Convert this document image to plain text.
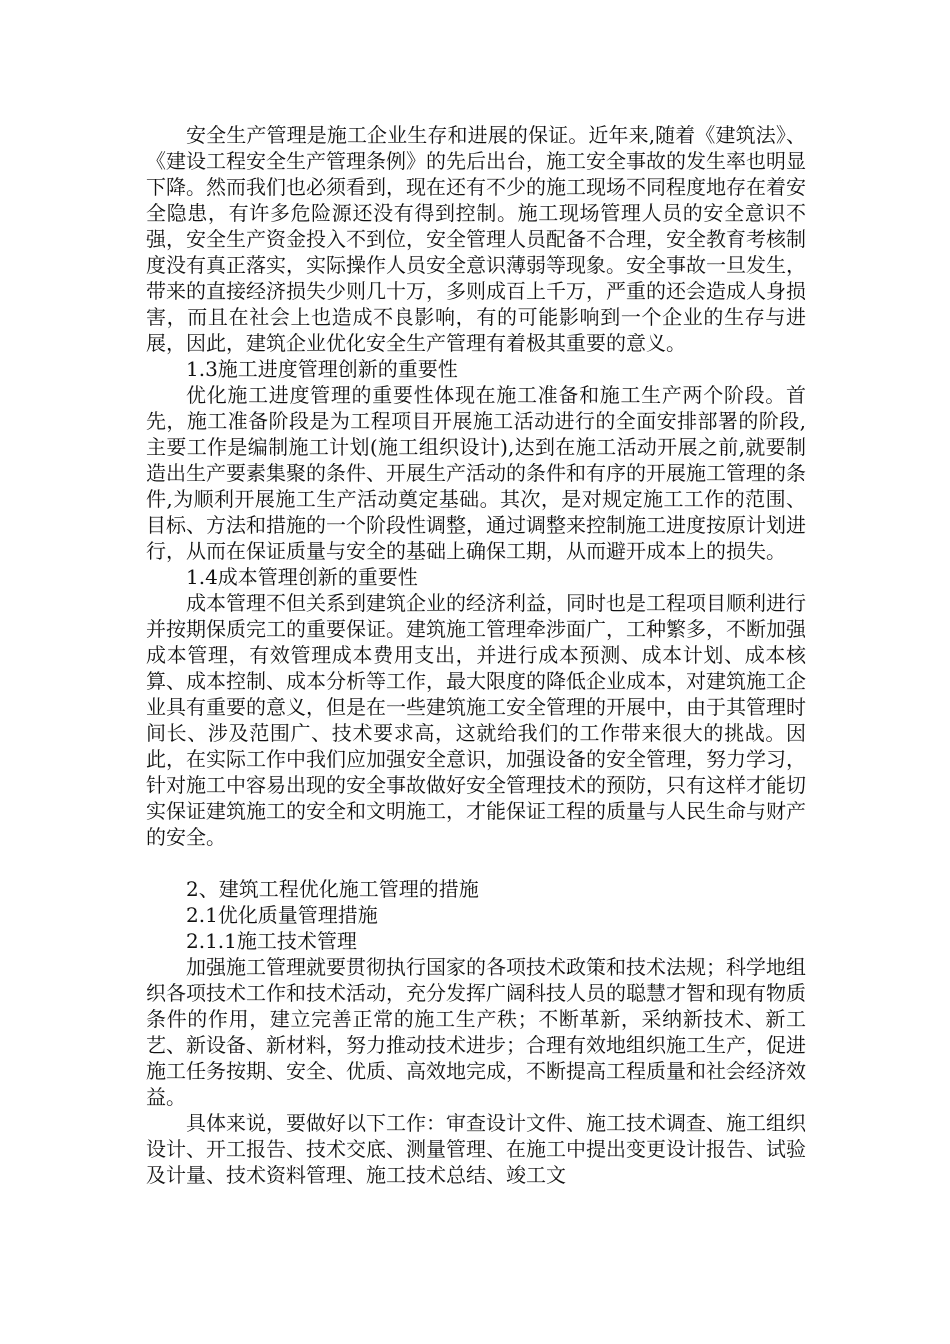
安全生产管理是施工企业生存和进展的保证。近年来,随着《建筑法》、《建设工程安全生产管理条例》的先后出台，施工安全事故的发生率也明显下降。然而我们也必须看到，现在还有不少的施工现场不同程度地存在着安全隐患，有许多危险源还没有得到控制。施工现场管理人员的安全意识不强，安全生产资金投入不到位，安全管理人员配备不合理，安全教育考核制度没有真正落实，实际操作人员安全意识薄弱等现象。安全事故一旦发生，带来的直接经济损失少则几十万，多则成百上千万，严重的还会造成人身损害，而且在社会上也造成不良影响，有的可能影响到一个企业的生存与进展，因此，建筑企业优化安全生产管理有着极其重要的意义。

1.3施工进度管理创新的重要性

优化施工进度管理的重要性体现在施工准备和施工生产两个阶段。首先，施工准备阶段是为工程项目开展施工活动进行的全面安排部署的阶段,主要工作是编制施工计划(施工组织设计),达到在施工活动开展之前,就要制造出生产要素集聚的条件、开展生产活动的条件和有序的开展施工管理的条件,为顺利开展施工生产活动奠定基础。其次，是对规定施工工作的范围、目标、方法和措施的一个阶段性调整，通过调整来控制施工进度按原计划进行，从而在保证质量与安全的基础上确保工期，从而避开成本上的损失。

1.4成本管理创新的重要性

成本管理不但关系到建筑企业的经济利益，同时也是工程项目顺利进行并按期保质完工的重要保证。建筑施工管理牵涉面广，工种繁多，不断加强成本管理，有效管理成本费用支出，并进行成本预测、成本计划、成本核算、成本控制、成本分析等工作，最大限度的降低企业成本，对建筑施工企业具有重要的意义，但是在一些建筑施工安全管理的开展中，由于其管理时间长、涉及范围广、技术要求高，这就给我们的工作带来很大的挑战。因此，在实际工作中我们应加强安全意识，加强设备的安全管理，努力学习，针对施工中容易出现的安全事故做好安全管理技术的预防，只有这样才能切实保证建筑施工的安全和文明施工，才能保证工程的质量与人民生命与财产的安全。

2、建筑工程优化施工管理的措施

2.1优化质量管理措施

2.1.1施工技术管理

加强施工管理就要贯彻执行国家的各项技术政策和技术法规；科学地组织各项技术工作和技术活动，充分发挥广阔科技人员的聪慧才智和现有物质条件的作用，建立完善正常的施工生产秩；不断革新，采纳新技术、新工艺、新设备、新材料，努力推动技术进步；合理有效地组织施工生产，促进施工任务按期、安全、优质、高效地完成，不断提高工程质量和社会经济效益。

具体来说，要做好以下工作：审查设计文件、施工技术调查、施工组织设计、开工报告、技术交底、测量管理、在施工中提出变更设计报告、试验及计量、技术资料管理、施工技术总结、竣工文
